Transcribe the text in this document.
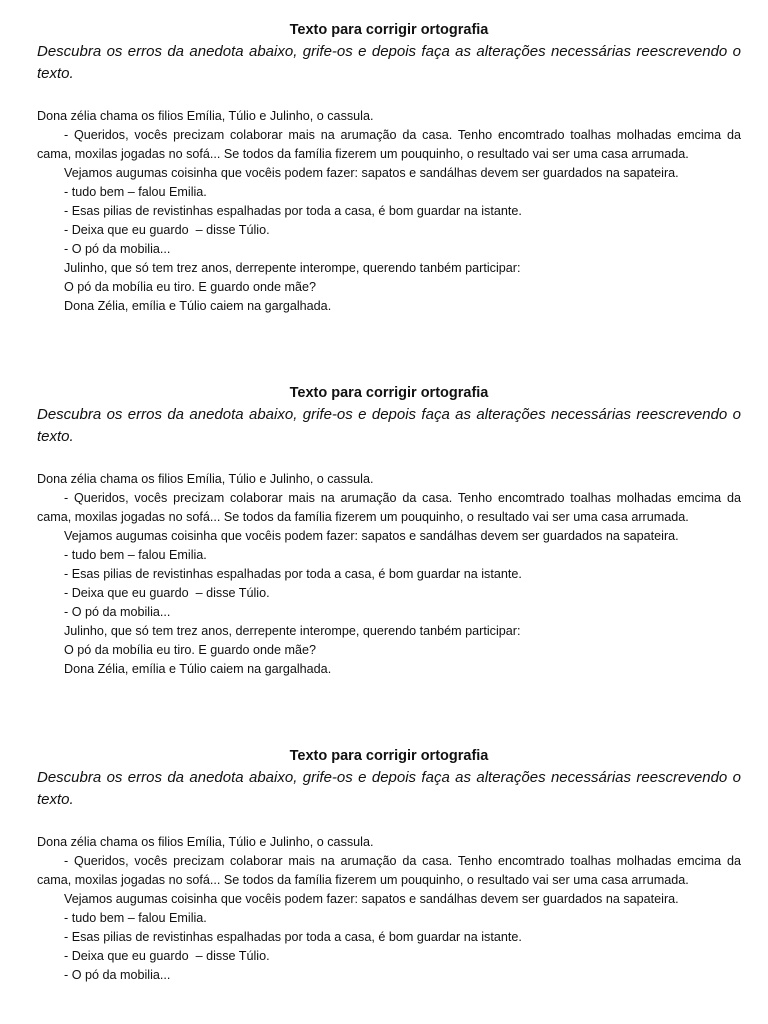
Texto para corrigir ortografia

Descubra os erros da anedota abaixo, grife-os e depois faça as alterações necessárias reescrevendo o texto.

Dona zélia chama os filios Emília, Túlio e Julinho, o cassula.

- Queridos, vocês precizam colaborar mais na arumação da casa. Tenho encomtrado toalhas molhadas emcima da cama, moxilas jogadas no sofá... Se todos da família fizerem um pouquinho, o resultado vai ser uma casa arrumada.

Vejamos augumas coisinha que vocêis podem fazer: sapatos e sandálhas devem ser guardados na sapateira.

- tudo bem – falou Emilia.

- Esas pilias de revistinhas espalhadas por toda a casa, é bom guardar na istante.

- Deixa que eu guardo  – disse Túlio.

- O pó da mobilia...

Julinho, que só tem trez anos, derrepente interompe, querendo tanbém participar:

O pó da mobília eu tiro. E guardo onde mãe?

Dona Zélia, emília e Túlio caiem na gargalhada.

Texto para corrigir ortografia

Descubra os erros da anedota abaixo, grife-os e depois faça as alterações necessárias reescrevendo o texto.

Dona zélia chama os filios Emília, Túlio e Julinho, o cassula.

- Queridos, vocês precizam colaborar mais na arumação da casa. Tenho encomtrado toalhas molhadas emcima da cama, moxilas jogadas no sofá... Se todos da família fizerem um pouquinho, o resultado vai ser uma casa arrumada.

Vejamos augumas coisinha que vocêis podem fazer: sapatos e sandálhas devem ser guardados na sapateira.

- tudo bem – falou Emilia.

- Esas pilias de revistinhas espalhadas por toda a casa, é bom guardar na istante.

- Deixa que eu guardo  – disse Túlio.

- O pó da mobilia...

Julinho, que só tem trez anos, derrepente interompe, querendo tanbém participar:

O pó da mobília eu tiro. E guardo onde mãe?

Dona Zélia, emília e Túlio caiem na gargalhada.

Texto para corrigir ortografia

Descubra os erros da anedota abaixo, grife-os e depois faça as alterações necessárias reescrevendo o texto.

Dona zélia chama os filios Emília, Túlio e Julinho, o cassula.

- Queridos, vocês precizam colaborar mais na arumação da casa. Tenho encomtrado toalhas molhadas emcima da cama, moxilas jogadas no sofá... Se todos da família fizerem um pouquinho, o resultado vai ser uma casa arrumada.

Vejamos augumas coisinha que vocêis podem fazer: sapatos e sandálhas devem ser guardados na sapateira.

- tudo bem – falou Emilia.

- Esas pilias de revistinhas espalhadas por toda a casa, é bom guardar na istante.

- Deixa que eu guardo  – disse Túlio.

- O pó da mobilia...
